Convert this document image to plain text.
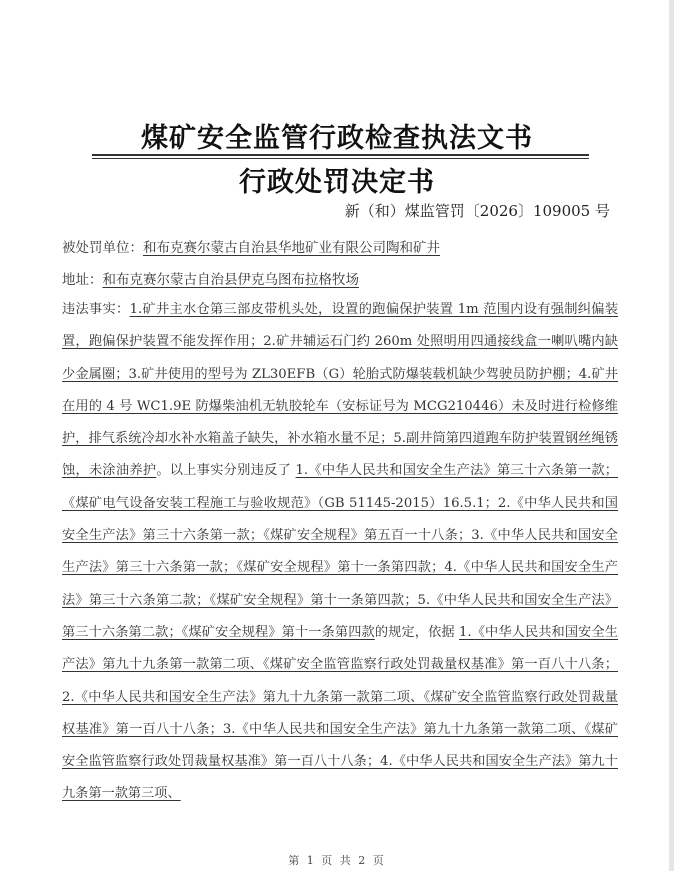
煤矿安全监管行政检查执法文书
行政处罚决定书
新（和）煤监管罚〔2026〕109005 号
被处罚单位：和布克赛尔蒙古自治县华地矿业有限公司陶和矿井
地址：和布克赛尔蒙古自治县伊克乌图布拉格牧场
违法事实：1.矿井主水仓第三部皮带机头处，设置的跑偏保护装置 1m 范围内设有强制纠偏装置，跑偏保护装置不能发挥作用；2.矿井辅运石门约 260m 处照明用四通接线盒一喇叭嘴内缺少金属圈；3.矿井使用的型号为 ZL30EFB（G）轮胎式防爆装载机缺少驾驶员防护棚；4.矿井在用的 4 号 WC1.9E 防爆柴油机无轨胶轮车（安标证号为 MCG210446）未及时进行检修维护，排气系统冷却水补水箱盖子缺失，补水箱水量不足；5.副井筒第四道跑车防护装置钢丝绳锈蚀，未涂油养护。以上事实分别违反了 1.《中华人民共和国安全生产法》第三十六条第一款；《煤矿电气设备安装工程施工与验收规范》（GB 51145-2015）16.5.1；2.《中华人民共和国安全生产法》第三十六条第一款；《煤矿安全规程》第五百一十八条；3.《中华人民共和国安全生产法》第三十六条第一款；《煤矿安全规程》第十一条第四款；4.《中华人民共和国安全生产法》第三十六条第二款；《煤矿安全规程》第十一条第四款；5.《中华人民共和国安全生产法》第三十六条第二款；《煤矿安全规程》第十一条第四款的规定，依据 1.《中华人民共和国安全生产法》第九十九条第一款第二项、《煤矿安全监管监察行政处罚裁量权基准》第一百八十八条；2.《中华人民共和国安全生产法》第九十九条第一款第二项、《煤矿安全监管监察行政处罚裁量权基准》第一百八十八条；3.《中华人民共和国安全生产法》第九十九条第一款第二项、《煤矿安全监管监察行政处罚裁量权基准》第一百八十八条；4.《中华人民共和国安全生产法》第九十九条第一款第三项、
第 1 页 共 2 页
